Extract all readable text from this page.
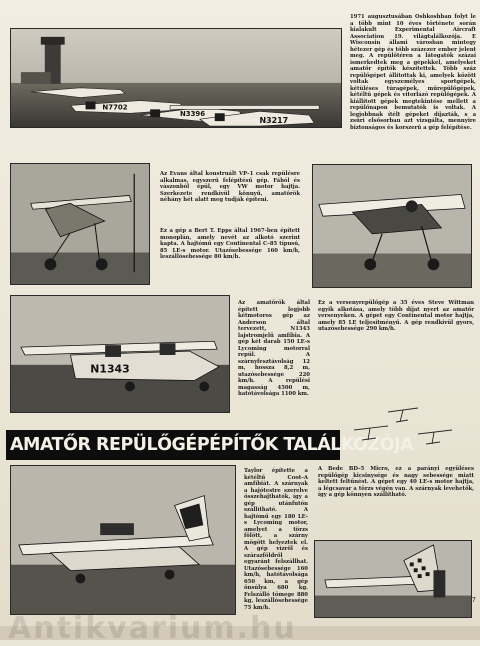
N7702
N3396
N3217
1971 augusztusában Oshkoshban folyt le a több mint 10 éves története során kialakult Experimental Aircraft Association 19. világtalálkozója. E Wisconsin állami városban mintegy hétezer gép és több százezer ember jelent meg. A repülőtéren a látogatók százai ismerkedtek meg a gépekkel, amelyeket amatőr építők készítettek. Több száz repülőgépet állítottak ki, amelyek között voltak egyszemélyes sportgépek, kétüléses túragépek, műrepülőgépek, kétéltű gépek és vitorlázó repülőgépek. A kiállított gépek megtekintése mellett a repülőnapon bemutatók is voltak. A legjobbnak ítélt gépeket díjazták, s a zsűri elsősorban azt vizsgálta, mennyire biztonságos és korszerű a gép felépítése.
Az Evans által konstruált VP–1 csak repülésre alkalmas, egyszerű felépítésű gép. Fából és vászonból épül, egy VW motor hajtja. Szerkezete rendkívül könnyű, amatőrök néhány hét alatt meg tudják építeni.
Ez a gép a Bert T. Epps által 1967-ben épített monoplán, amely nevét az alkotó szerint kapta. A hajtómű egy Continental C–85 típusú, 85 LE-s motor. Utazósebessége 160 km/h, leszállósebessége 80 km/h.
N1343
Az amatőrök által épített legjobb kétmotoros gép az Anderson által tervezett, N1343 lajstromjelű amfíbia. A gép két darab 150 LE-s Lycoming motorral repül. A szárnyfesztávolság 12 m, hossza 8,2 m, utazósebessége 220 km/h. A repülési magasság 4500 m, hatótávolsága 1100 km.
Ez a versenyrepülőgép a 35 éves Steve Wittman egyik alkotása, amely több díjat nyert az amatőr versenyeken. A gépet egy Continental motor hajtja, amely 85 LE teljesítményű. A gép rendkívül gyors, utazósebessége 290 km/h.
AMATŐR REPÜLŐGÉPÉPÍTŐK TALÁLKOZÓJA
Taylor építette a kétéltű Coot–A amfíbiát. A szárnyak a hajótestre szerelve összehajthatók, így a gép utánfutón szállítható. A hajtómű egy 180 LE-s Lycoming motor, amelyet a törzs fölött, a szárny mögött helyeztek el. A gép vízről és szárazföldről egyaránt felszállhat. Utazósebessége 160 km/h, hatótávolsága 650 km, a gép önsúlya 680 kg. Felszálló tömege 880 kg, leszállósebessége 75 km/h.
A Bede BD–5 Micro, ez a parányi együléses repülőgép kicsinysége és nagy sebessége miatt keltett feltűnést. A gépet egy 40 LE-s motor hajtja, a légcsavar a törzs végén van. A szárnyak levehetők, így a gép könnyen szállítható.
7
Antikvarium.hu
